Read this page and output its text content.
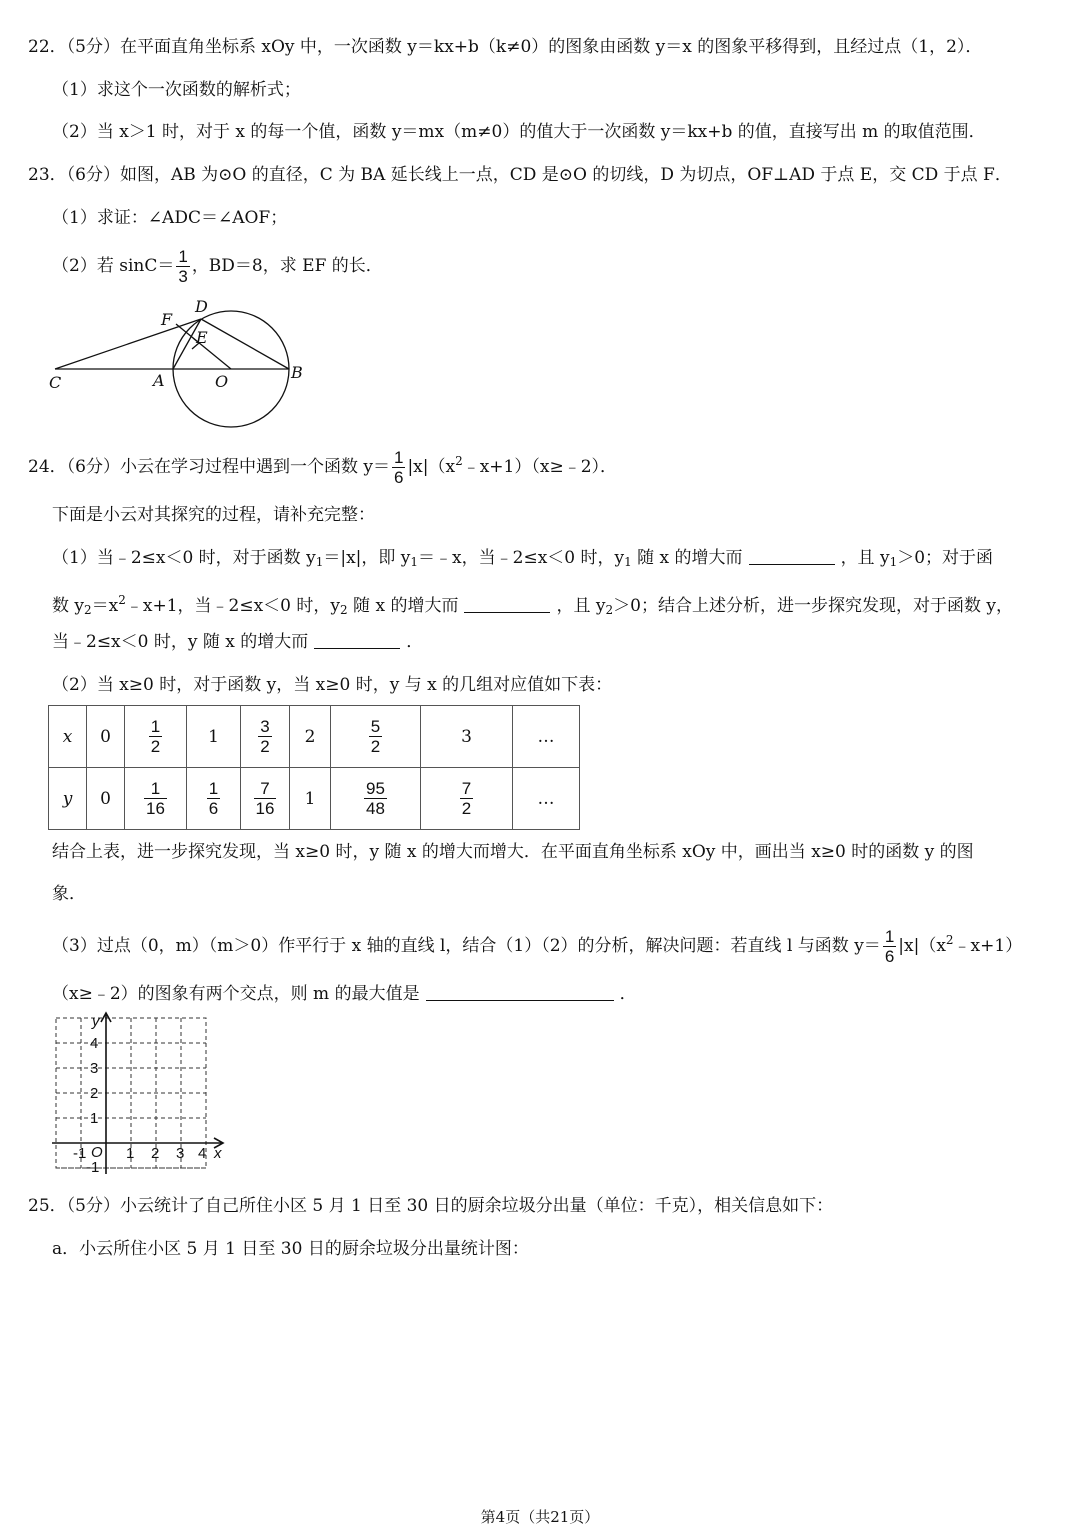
22．（5分）在平面直角坐标系 xOy 中，一次函数 y＝kx+b（k≠0）的图象由函数 y＝x 的图象平移得到，且经过点（1，2）．
（1）求这个一次函数的解析式；
（2）当 x＞1 时，对于 x 的每一个值，函数 y＝mx（m≠0）的值大于一次函数 y＝kx+b 的值，直接写出 m 的取值范围．
23．（6分）如图，AB 为⊙O 的直径，C 为 BA 延长线上一点，CD 是⊙O 的切线，D 为切点，OF⊥AD 于点 E，交 CD 于点 F．
（1）求证：∠ADC＝∠AOF；
（2）若 $\sin C= \frac{1}{3}$ ，BD＝8，求 EF 的长．
D
F
E
C	A	O	B
24．（6分）小云在学习过程中遇到一个函数 $y= \frac{1}{6}$ $|x|(x^2﹣x+1)(x\ge﹣2)$．
下面是小云对其探究的过程，请补充完整：
（1）当﹣2≤x＜0 时，对于函数 $y_1=|x|$，即 $y_1=﹣x$，当﹣2≤x＜0 时，$y_1$ 随 x 的增大而	，且 $y_1>0$；对于函
数 $y_2=x^2﹣x+1$，当﹣2≤x＜0 时，$y_2$ 随 x 的增大而	，且 $y_2>0$；结合上述分析，进一步探究发现，对于函数 y，
当﹣2≤x＜0 时，y 随 x 的增大而	．
（2）当 x≥0 时，对于函数 y，当 x≥0 时，y 与 x 的几组对应值如下表：
x	0	$\frac{1}{2}$	1	$\frac{3}{2}$	2	$\frac{5}{2}$	3	…
y	0	$\frac{1}{16}$	$\frac{1}{6}$	$\frac{7}{16}$	1	$\frac{95}{48}$	$\frac{7}{2}$	…
结合上表，进一步探究发现，当 x≥0 时，y 随 x 的增大而增大．在平面直角坐标系 xOy 中，画出当 x≥0 时的函数 y 的图
象．
（3）过点（0，m）（m＞0）作平行于 x 轴的直线 l，结合（1）（2）的分析，解决问题：若直线 l 与函数 $y= \frac{1}{6}$ $|x|(x^2﹣x+1)$
（x≥﹣2）的图象有两个交点，则 m 的最大值是	．
y
x
O
4
3
2
1
-1
-1	1 2 3 4
25．（5分）小云统计了自己所住小区 5 月 1 日至 30 日的厨余垃圾分出量（单位：千克），相关信息如下：
a．小云所住小区 5 月 1 日至 30 日的厨余垃圾分出量统计图：
第4页（共21页）
